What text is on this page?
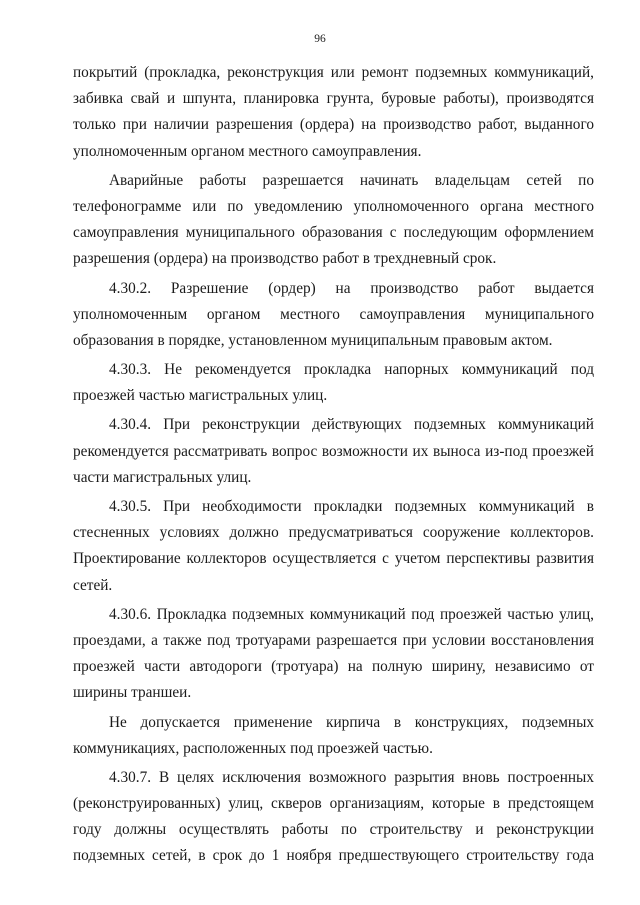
96
покрытий (прокладка, реконструкция или ремонт подземных коммуникаций,
забивка свай и шпунта, планировка грунта, буровые работы), производятся
только при наличии разрешения (ордера) на производство работ, выданного
уполномоченным органом местного самоуправления.
Аварийные работы разрешается начинать владельцам сетей по
телефонограмме или по уведомлению уполномоченного органа местного
самоуправления муниципального образования с последующим оформлением
разрешения (ордера) на производство работ в трехдневный срок.
4.30.2. Разрешение (ордер) на производство работ выдается
уполномоченным органом местного самоуправления муниципального
образования в порядке, установленном муниципальным правовым актом.
4.30.3. Не рекомендуется прокладка напорных коммуникаций под
проезжей частью магистральных улиц.
4.30.4. При реконструкции действующих подземных коммуникаций
рекомендуется рассматривать вопрос возможности их выноса из-под проезжей
части магистральных улиц.
4.30.5. При необходимости прокладки подземных коммуникаций в
стесненных условиях должно предусматриваться сооружение коллекторов.
Проектирование коллекторов осуществляется с учетом перспективы развития
сетей.
4.30.6. Прокладка подземных коммуникаций под проезжей частью улиц,
проездами, а также под тротуарами разрешается при условии восстановления
проезжей части автодороги (тротуара) на полную ширину, независимо от
ширины траншеи.
Не допускается применение кирпича в конструкциях, подземных
коммуникациях, расположенных под проезжей частью.
4.30.7. В целях исключения возможного разрытия вновь построенных
(реконструированных) улиц, скверов организациям, которые в предстоящем
году должны осуществлять работы по строительству и реконструкции
подземных сетей, в срок до 1 ноября предшествующего строительству года
